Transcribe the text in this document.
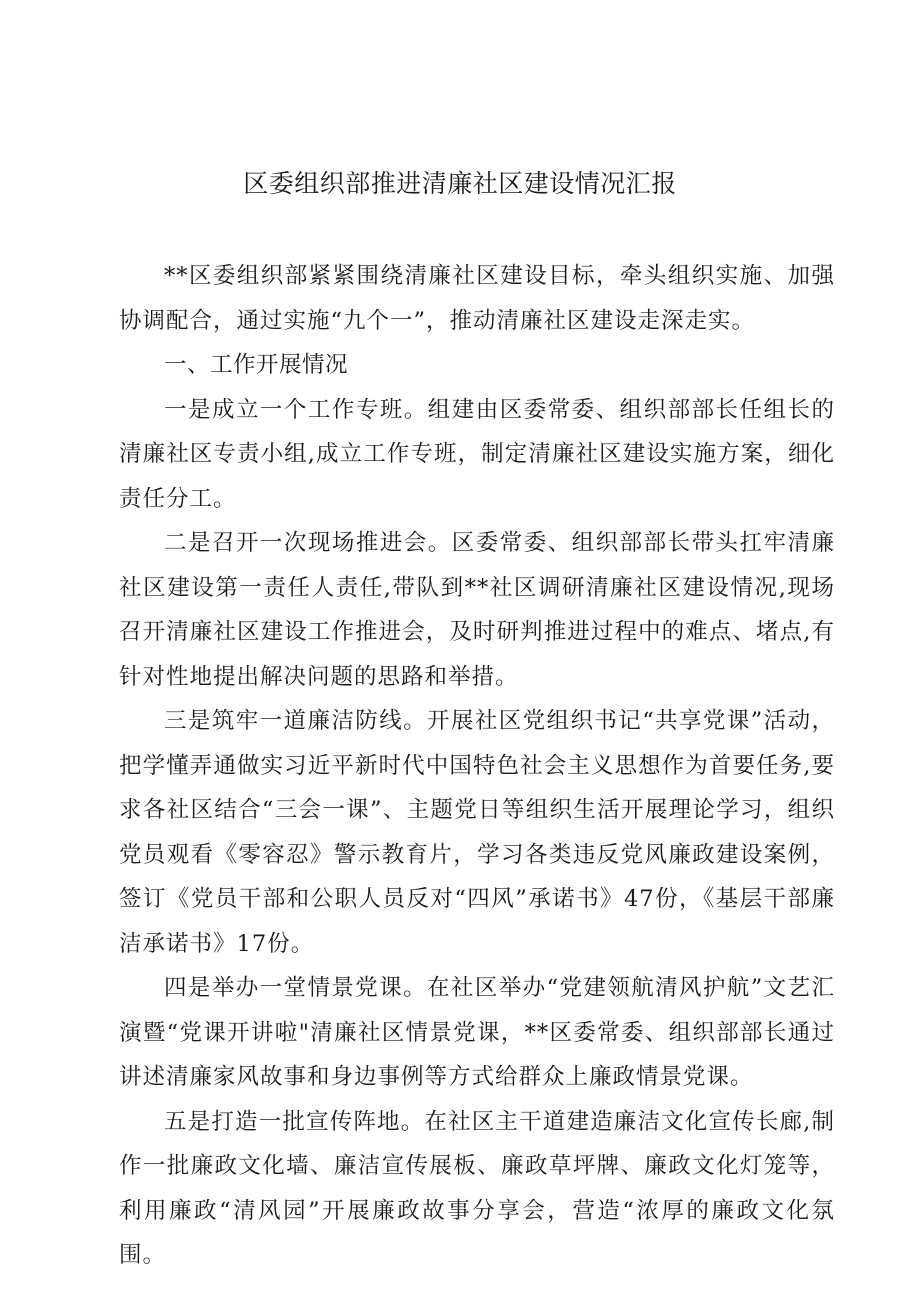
区委组织部推进清廉社区建设情况汇报

**区委组织部紧紧围绕清廉社区建设目标，牵头组织实施、加强协调配合，通过实施“九个一”，推动清廉社区建设走深走实。

一、工作开展情况

一是成立一个工作专班。组建由区委常委、组织部部长任组长的清廉社区专责小组,成立工作专班，制定清廉社区建设实施方案，细化责任分工。

二是召开一次现场推进会。区委常委、组织部部长带头扛牢清廉社区建设第一责任人责任,带队到**社区调研清廉社区建设情况,现场召开清廉社区建设工作推进会，及时研判推进过程中的难点、堵点,有针对性地提出解决问题的思路和举措。

三是筑牢一道廉洁防线。开展社区党组织书记“共享党课”活动，把学懂弄通做实习近平新时代中国特色社会主义思想作为首要任务,要求各社区结合“三会一课”、主题党日等组织生活开展理论学习，组织党员观看《零容忍》警示教育片，学习各类违反党风廉政建设案例，签订《党员干部和公职人员反对“四风”承诺书》47份，《基层干部廉洁承诺书》17份。

四是举办一堂情景党课。在社区举办“党建领航清风护航”文艺汇演暨“党课开讲啦"清廉社区情景党课，**区委常委、组织部部长通过讲述清廉家风故事和身边事例等方式给群众上廉政情景党课。

五是打造一批宣传阵地。在社区主干道建造廉洁文化宣传长廊,制作一批廉政文化墙、廉洁宣传展板、廉政草坪牌、廉政文化灯笼等，利用廉政“清风园”开展廉政故事分享会，营造“浓厚的廉政文化氛围。
